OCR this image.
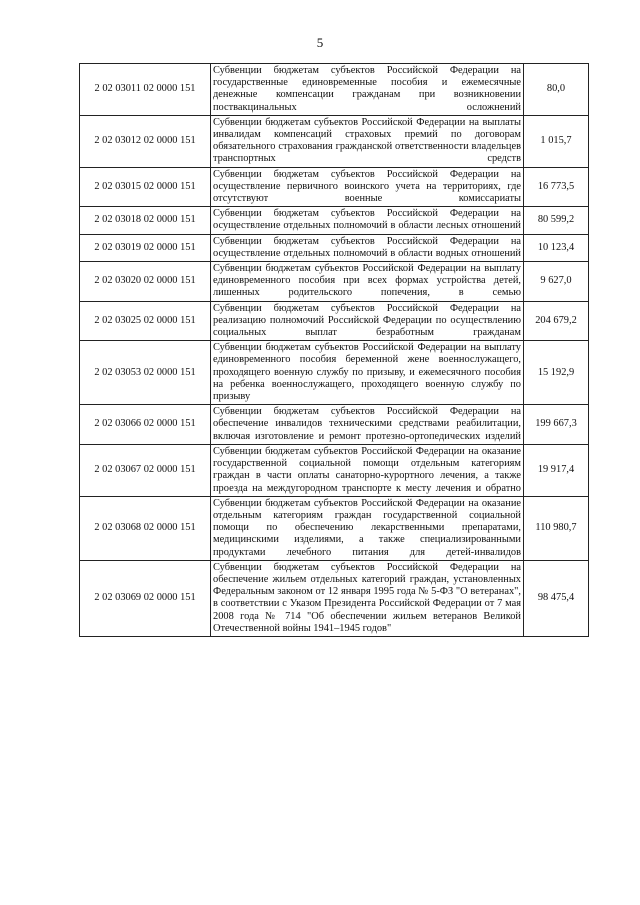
5
2 02 03011 02 0000 151	Субвенции бюджетам субъектов Российской Федерации на государственные единовременные пособия и ежемесячные денежные компенсации гражданам при возникновении поствакцинальных осложнений	80,0
2 02 03012 02 0000 151	Субвенции бюджетам субъектов Российской Федерации на выплаты инвалидам компенсаций страховых премий по договорам обязательного страхования гражданской ответственности владельцев транспортных средств	1 015,7
2 02 03015 02 0000 151	Субвенции бюджетам субъектов Российской Федерации на осуществление первичного воинского учета на территориях, где отсутствуют военные комиссариаты	16 773,5
2 02 03018 02 0000 151	Субвенции бюджетам субъектов Российской Федерации на осуществление отдельных полномочий в области лесных отношений	80 599,2
2 02 03019 02 0000 151	Субвенции бюджетам субъектов Российской Федерации на осуществление отдельных полномочий в области водных отношений	10 123,4
2 02 03020 02 0000 151	Субвенции бюджетам субъектов Российской Федерации на выплату единовременного пособия при всех формах устройства детей, лишенных родительского попечения, в семью	9 627,0
2 02 03025 02 0000 151	Субвенции бюджетам субъектов Российской Федерации на реализацию полномочий Российской Федерации по осуществлению социальных выплат безработным гражданам	204 679,2
2 02 03053 02 0000 151	Субвенции бюджетам субъектов Российской Федерации на выплату единовременного пособия беременной жене военнослужащего, проходящего военную службу по призыву, и ежемесячного пособия на ребенка военнослужащего, проходящего военную службу по призыву	15 192,9
2 02 03066 02 0000 151	Субвенции бюджетам субъектов Российской Федерации на обеспечение инвалидов техническими средствами реабилитации, включая изготовление и ремонт протезно-ортопедических изделий	199 667,3
2 02 03067 02 0000 151	Субвенции бюджетам субъектов Российской Федерации на оказание государственной социальной помощи отдельным категориям граждан в части оплаты санаторно-курортного лечения, а также проезда на междугородном транспорте к месту лечения и обратно	19 917,4
2 02 03068 02 0000 151	Субвенции бюджетам субъектов Российской Федерации на оказание отдельным категориям граждан государственной социальной помощи по обеспечению лекарственными препаратами, медицинскими изделиями, а также специализированными продуктами лечебного питания для детей-инвалидов	110 980,7
2 02 03069 02 0000 151	Субвенции бюджетам субъектов Российской Федерации на обеспечение жильем отдельных категорий граждан, установленных Федеральным законом от 12 января 1995 года № 5-ФЗ "О ветеранах", в соответствии с Указом Президента Российской Федерации от 7 мая 2008 года № 714 "Об обеспечении жильем ветеранов Великой Отечественной войны 1941–1945 годов"	98 475,4
